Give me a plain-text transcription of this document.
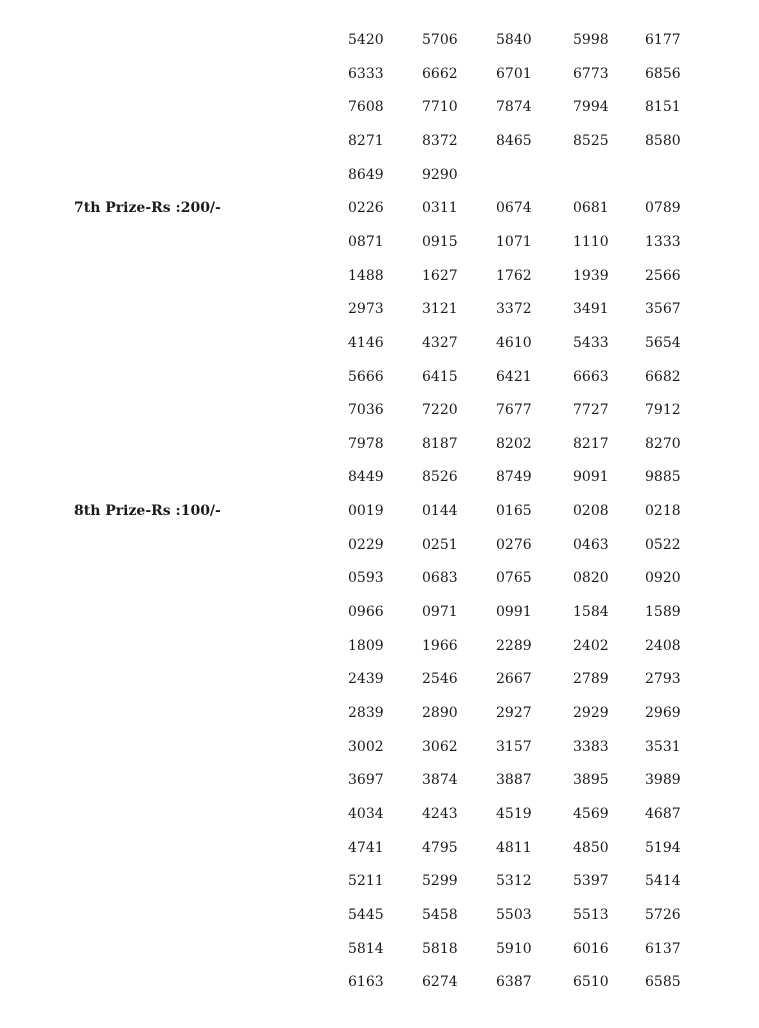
5420	5706	5840	5998	6177
6333	6662	6701	6773	6856
7608	7710	7874	7994	8151
8271	8372	8465	8525	8580
8649	9290
7th Prize-Rs :200/-	0226	0311	0674	0681	0789
0871	0915	1071	1110	1333
1488	1627	1762	1939	2566
2973	3121	3372	3491	3567
4146	4327	4610	5433	5654
5666	6415	6421	6663	6682
7036	7220	7677	7727	7912
7978	8187	8202	8217	8270
8449	8526	8749	9091	9885
8th Prize-Rs :100/-	0019	0144	0165	0208	0218
0229	0251	0276	0463	0522
0593	0683	0765	0820	0920
0966	0971	0991	1584	1589
1809	1966	2289	2402	2408
2439	2546	2667	2789	2793
2839	2890	2927	2929	2969
3002	3062	3157	3383	3531
3697	3874	3887	3895	3989
4034	4243	4519	4569	4687
4741	4795	4811	4850	5194
5211	5299	5312	5397	5414
5445	5458	5503	5513	5726
5814	5818	5910	6016	6137
6163	6274	6387	6510	6585
